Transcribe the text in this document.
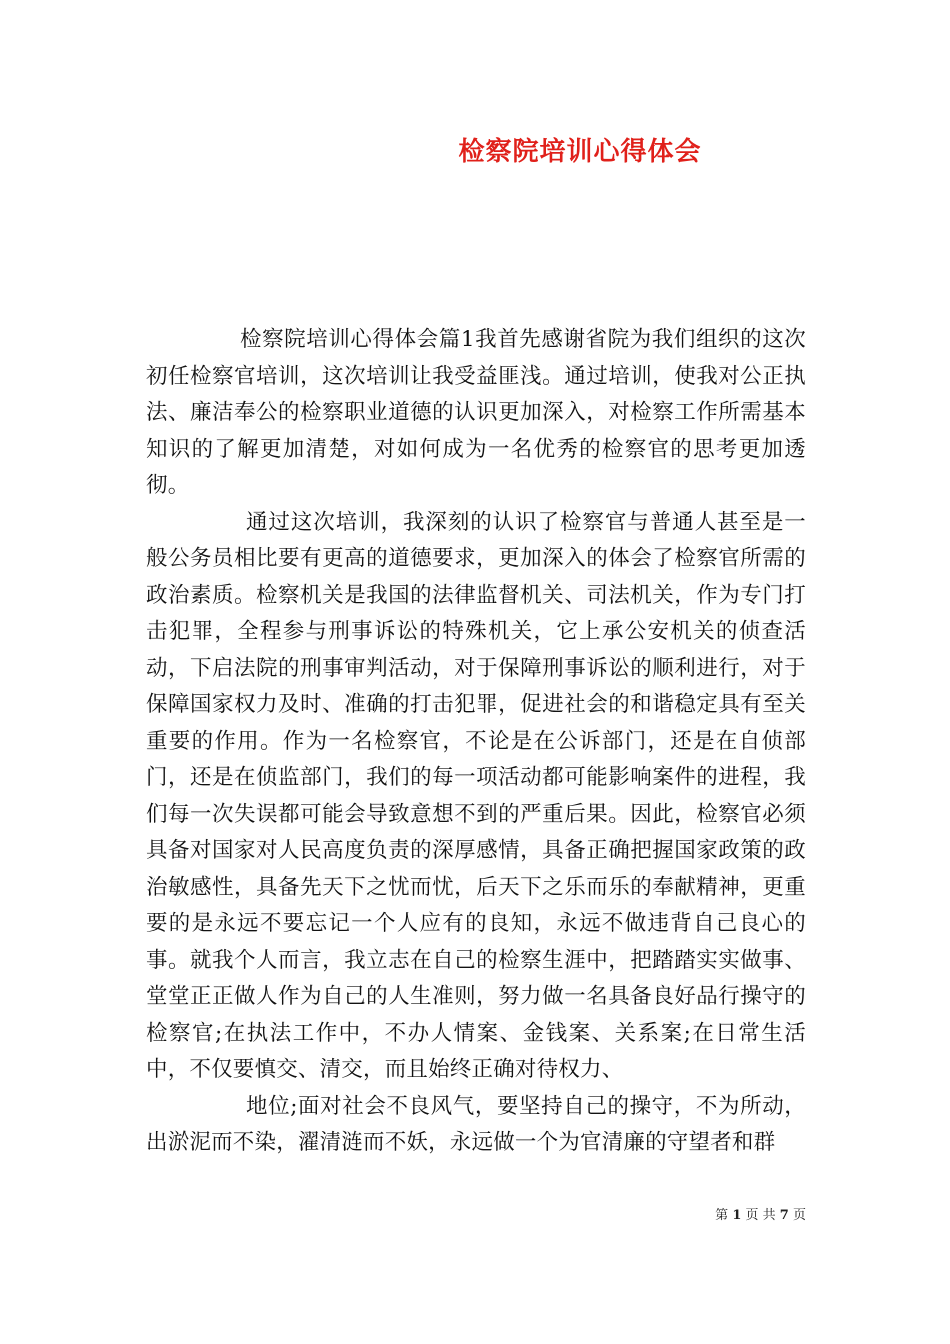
检察院培训心得体会

检察院培训心得体会篇1我首先感谢省院为我们组织的这次初任检察官培训，这次培训让我受益匪浅。通过培训，使我对公正执法、廉洁奉公的检察职业道德的认识更加深入，对检察工作所需基本知识的了解更加清楚，对如何成为一名优秀的检察官的思考更加透彻。

通过这次培训，我深刻的认识了检察官与普通人甚至是一般公务员相比要有更高的道德要求，更加深入的体会了检察官所需的政治素质。检察机关是我国的法律监督机关、司法机关，作为专门打击犯罪，全程参与刑事诉讼的特殊机关，它上承公安机关的侦查活动，下启法院的刑事审判活动，对于保障刑事诉讼的顺利进行，对于保障国家权力及时、准确的打击犯罪，促进社会的和谐稳定具有至关重要的作用。作为一名检察官，不论是在公诉部门，还是在自侦部门，还是在侦监部门，我们的每一项活动都可能影响案件的进程，我们每一次失误都可能会导致意想不到的严重后果。因此，检察官必须具备对国家对人民高度负责的深厚感情，具备正确把握国家政策的政治敏感性，具备先天下之忧而忧，后天下之乐而乐的奉献精神，更重要的是永远不要忘记一个人应有的良知，永远不做违背自己良心的事。就我个人而言，我立志在自己的检察生涯中，把踏踏实实做事、堂堂正正做人作为自己的人生准则，努力做一名具备良好品行操守的检察官;在执法工作中，不办人情案、金钱案、关系案;在日常生活中，不仅要慎交、清交，而且始终正确对待权力、

地位;面对社会不良风气，要坚持自己的操守，不为所动，出淤泥而不染，濯清涟而不妖，永远做一个为官清廉的守望者和群

第 1 页 共 7 页
